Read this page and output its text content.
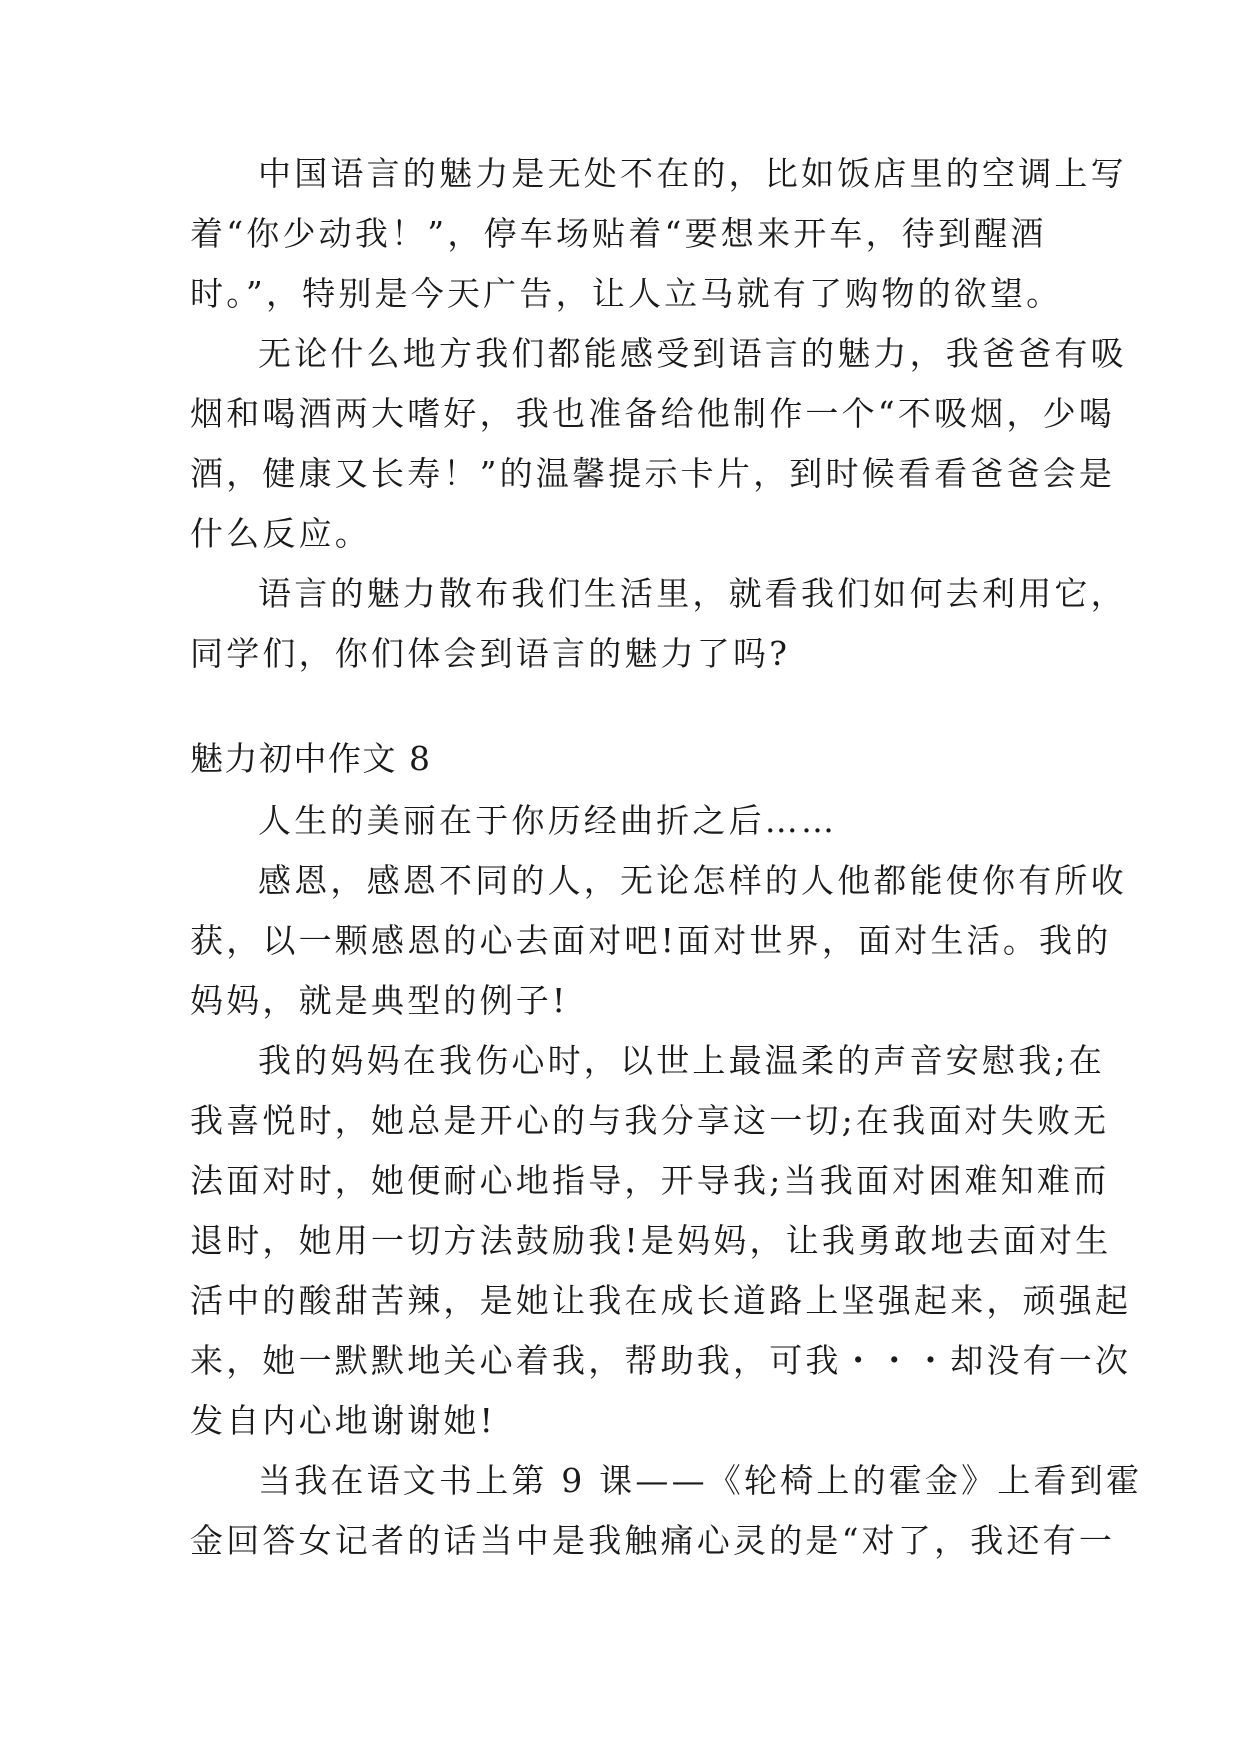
中国语言的魅力是无处不在的，比如饭店里的空调上写
着“你少动我！”，停车场贴着“要想来开车，待到醒酒
时。”，特别是今天广告，让人立马就有了购物的欲望。
无论什么地方我们都能感受到语言的魅力，我爸爸有吸
烟和喝酒两大嗜好，我也准备给他制作一个“不吸烟，少喝
酒，健康又长寿！”的温馨提示卡片，到时候看看爸爸会是
什么反应。
语言的魅力散布我们生活里，就看我们如何去利用它，
同学们，你们体会到语言的魅力了吗?
魅力初中作文 8
人生的美丽在于你历经曲折之后……
感恩，感恩不同的人，无论怎样的人他都能使你有所收
获，以一颗感恩的心去面对吧!面对世界，面对生活。我的
妈妈，就是典型的例子!
我的妈妈在我伤心时，以世上最温柔的声音安慰我;在
我喜悦时，她总是开心的与我分享这一切;在我面对失败无
法面对时，她便耐心地指导，开导我;当我面对困难知难而
退时，她用一切方法鼓励我!是妈妈，让我勇敢地去面对生
活中的酸甜苦辣，是她让我在成长道路上坚强起来，顽强起
来，她一默默地关心着我，帮助我，可我・・・却没有一次
发自内心地谢谢她!
当我在语文书上第 9 课——《轮椅上的霍金》上看到霍
金回答女记者的话当中是我触痛心灵的是“对了，我还有一
